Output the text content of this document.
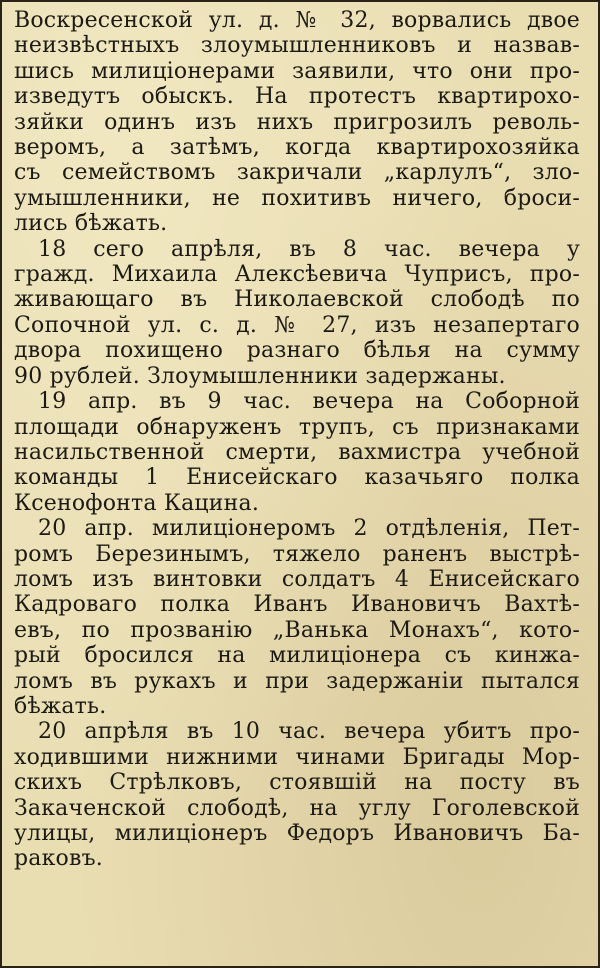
Воскресенской ул. д. № 32, ворвались двое
неизвѣстныхъ злоумышленниковъ и назвав-
шись милиціонерами заявили, что они про-
изведутъ обыскъ. На протестъ квартирохо-
зяйки одинъ изъ нихъ пригрозилъ револь-
веромъ, а затѣмъ, когда квартирохозяйка
съ семействомъ закричали „карлулъ“, зло-
умышленники, не похитивъ ничего, броси-
лись бѣжать.
18 сего апрѣля, въ 8 час. вечера у
гражд. Михаила Алексѣевича Чуприсъ, про-
живающаго въ Николаевской слободѣ по
Сопочной ул. с. д. № 27, изъ незапертаго
двора похищено разнаго бѣлья на сумму
90 рублей. Злоумышленники задержаны.
19 апр. въ 9 час. вечера на Соборной
площади обнаруженъ трупъ, съ признаками
насильственной смерти, вахмистра учебной
команды 1 Енисейскаго казачьяго полка
Ксенофонта Кацина.
20 апр. милиціонеромъ 2 отдѣленія, Пет-
ромъ Березинымъ, тяжело раненъ выстрѣ-
ломъ изъ винтовки солдатъ 4 Енисейскаго
Кадроваго полка Иванъ Ивановичъ Вахтѣ-
евъ, по прозванію „Ванька Монахъ“, кото-
рый бросился на милиціонера съ кинжа-
ломъ въ рукахъ и при задержаніи пытался
бѣжать.
20 апрѣля въ 10 час. вечера убитъ про-
ходившими нижними чинами Бригады Мор-
скихъ Стрѣлковъ, стоявшій на посту въ
Закаченской слободѣ, на углу Гоголевской
улицы, милиціонеръ Федоръ Ивановичъ Ба-
раковъ.
